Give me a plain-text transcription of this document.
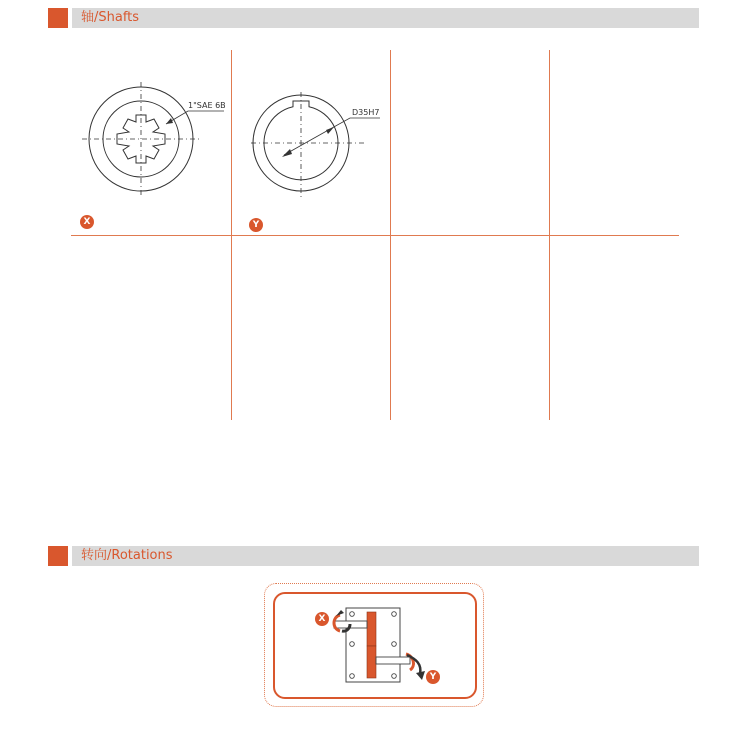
轴/Shafts
1"SAE 6B
X
D35H7
Y
转向/Rotations
X
Y
